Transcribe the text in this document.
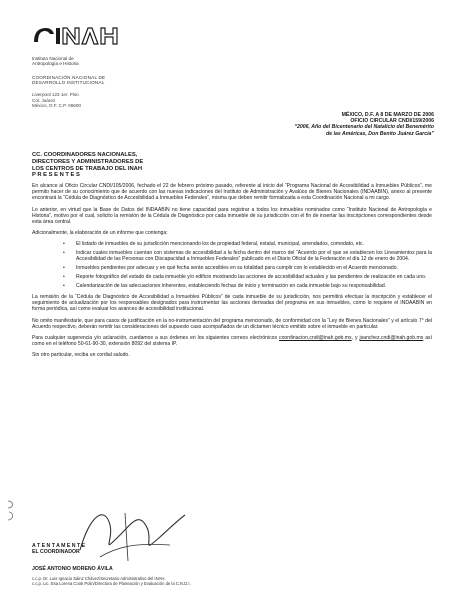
Instituto Nacional de
Antropología e Historia
COORDINACIÓN NACIONAL DE
DESARROLLO INSTITUCIONAL
Liverpool 123 1er. Piso
Col. Juárez
México, D.F. C.P. 06600
MÉXICO, D.F. A 8 DE MARZO DE 2006
OFICIO CIRCULAR CNDI/159/2006
“2006, Año del Bicentenario del Natalicio del Benemérito
de las Américas, Don Benito Juárez García”
CC. COORDINADORES NACIONALES,
DIRECTORES Y ADMINISTRADORES DE
LOS CENTROS DE TRABAJO DEL INAH
P R E S E N T E S

En alcance al Oficio Circular CNDI/105/2006, fechado el 22 de febrero próximo pasado, referente al inicio del “Programa Nacional de Accesibilidad a Inmuebles Públicos”, me permito hacer de su conocimiento que de acuerdo con las nuevas indicaciones del Instituto de Administración y Avalúos de Bienes Nacionales (INDAABIN), anexo al presente encontrará la “Cédula de Diagnóstico de Accesibilidad a Inmuebles Federales”, misma que deben remitir formalizada a esta Coordinación Nacional a mi cargo.

Lo anterior, en virtud que la Base de Datos del INDAABIN no tiene capacidad para registrar a todos los inmuebles nominados como “Instituto Nacional de Antropología e Historia”, motivo por el cual, solicito la remisión de la Cédula de Diagnóstico por cada inmueble de su jurisdicción con el fin de insertar las inscripciones correspondientes desde esta área central.

Adicionalmente, la elaboración de un informe que contenga:

• El listado de inmuebles de su jurisdicción mencionando los de propiedad federal, estatal, municipal, arrendados, comodato, etc.
• Indicar cuales inmuebles cuentan con sistemas de accesibilidad a la fecha dentro del marco del “Acuerdo por el que se establecen los Lineamientos para la Accesibilidad de las Personas con Discapacidad a Inmuebles Federales” publicado en el Diario Oficial de la Federación el día 12 de enero de 2004.
• Inmuebles pendientes por adecuar y en qué fecha serán accesibles en su totalidad para cumplir con lo establecido en el Acuerdo mencionado.
• Reporte fotográfico del estado de cada inmueble y/o edificio mostrando las acciones de accesibilidad actuales y las pendientes de realización en cada uno.
• Calendarización de las adecuaciones inherentes, estableciendo fechas de inicio y terminación en cada inmueble bajo su responsabilidad.

La remisión de la “Cédula de Diagnóstico de Accesibilidad a Inmuebles Públicos” de cada inmueble de su jurisdicción, nos permitirá efectuar la inscripción y establecer el seguimiento de actualización por los responsables designados para instrumentar las acciones derivadas del programa en sus inmuebles, como lo requiere el INDAABIN en forma periódica, así como evaluar los avances de accesibilidad institucional.

No omito manifestarle, que para casos de justificación en la no-instrumentación del programa mencionado, de conformidad con la “Ley de Bienes Nacionales” y el artículo 7° del Acuerdo respectivo, deberán remitir las consideraciones del supuesto caso acompañados de un dictamen técnico emitido sobre el inmueble en particular.

Para cualquier sugerencia y/o aclaración, cuedamos a sus órdenes en los siguientes correos electrónicos coordinacion.cndi@inah.gob.mx, y jsanchez.cndi@inah.gob.mx así como en el teléfono 50-61-90-30, extensión 8092 del sistema IP.

Sin otro particular, reciba un cordial saludo.

A T E N T A M E N T E
EL COORDINADOR
JOSÉ ANTONIO MORENO ÁVILA
c.c.p. Dr. Luis Ignacio Sáinz Chávez/Secretario Administrativo del INAH.
c.c.p. Lic. Esa Lorena Cook Polin/Directora de Planeación y Evaluación de la C.N.D.I.
